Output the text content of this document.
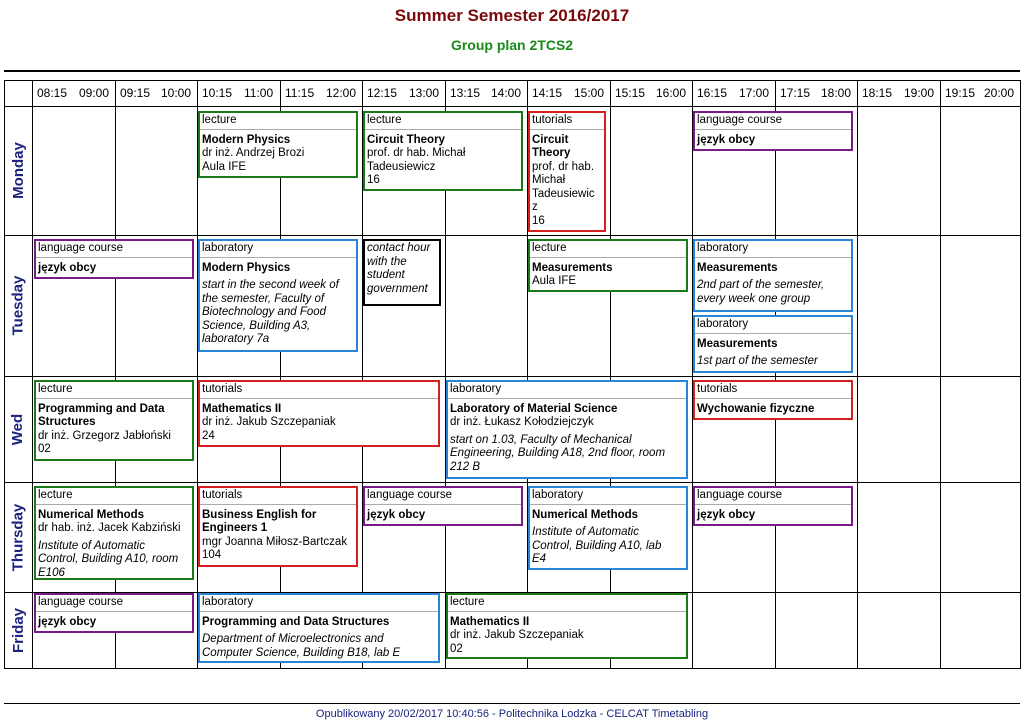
Summer Semester 2016/2017
Group plan 2TCS2
08:15 09:00 09:15 10:00 10:15 11:00 11:15 12:00 12:15 13:00 13:15 14:00 14:15 15:00 15:15 16:00 16:15 17:00 17:15 18:00 18:15 19:00 19:15 20:00
Monday
Tuesday
Wed
Thursday
Friday
lecture
Modern Physics
dr inż. Andrzej Brozi
Aula IFE
lecture
Circuit Theory
prof. dr hab. Michał
Tadeusiewicz
16
tutorials
Circuit Theory
prof. dr hab.
Michał
Tadeusiewic
z
16
language course
język obcy
language course
język obcy
laboratory
Modern Physics
start in the second week of
the semester, Faculty of
Biotechnology and Food
Science, Building A3,
laboratory 7a
contact hour
with the
student
government
lecture
Measurements
Aula IFE
laboratory
Measurements
2nd part of the semester,
every week one group
laboratory
Measurements
1st part of the semester
lecture
Programming and Data Structures
dr inż. Grzegorz Jabłoński
02
tutorials
Mathematics II
dr inż. Jakub Szczepaniak
24
laboratory
Laboratory of Material Science
dr inż. Łukasz Kołodziejczyk
start on 1.03, Faculty of Mechanical
Engineering, Building A18, 2nd floor, room
212 B
tutorials
Wychowanie fizyczne
lecture
Numerical Methods
dr hab. inż. Jacek Kabziński
Institute of Automatic
Control, Building A10, room
E106
tutorials
Business English for Engineers 1
mgr Joanna Miłosz-Bartczak
104
language course
język obcy
laboratory
Numerical Methods
Institute of Automatic
Control, Building A10, lab
E4
language course
język obcy
language course
język obcy
laboratory
Programming and Data Structures
Department of Microelectronics and
Computer Science, Building B18, lab E
lecture
Mathematics II
dr inż. Jakub Szczepaniak
02
Opublikowany 20/02/2017 10:40:56 - Politechnika Lodzka - CELCAT Timetabling
